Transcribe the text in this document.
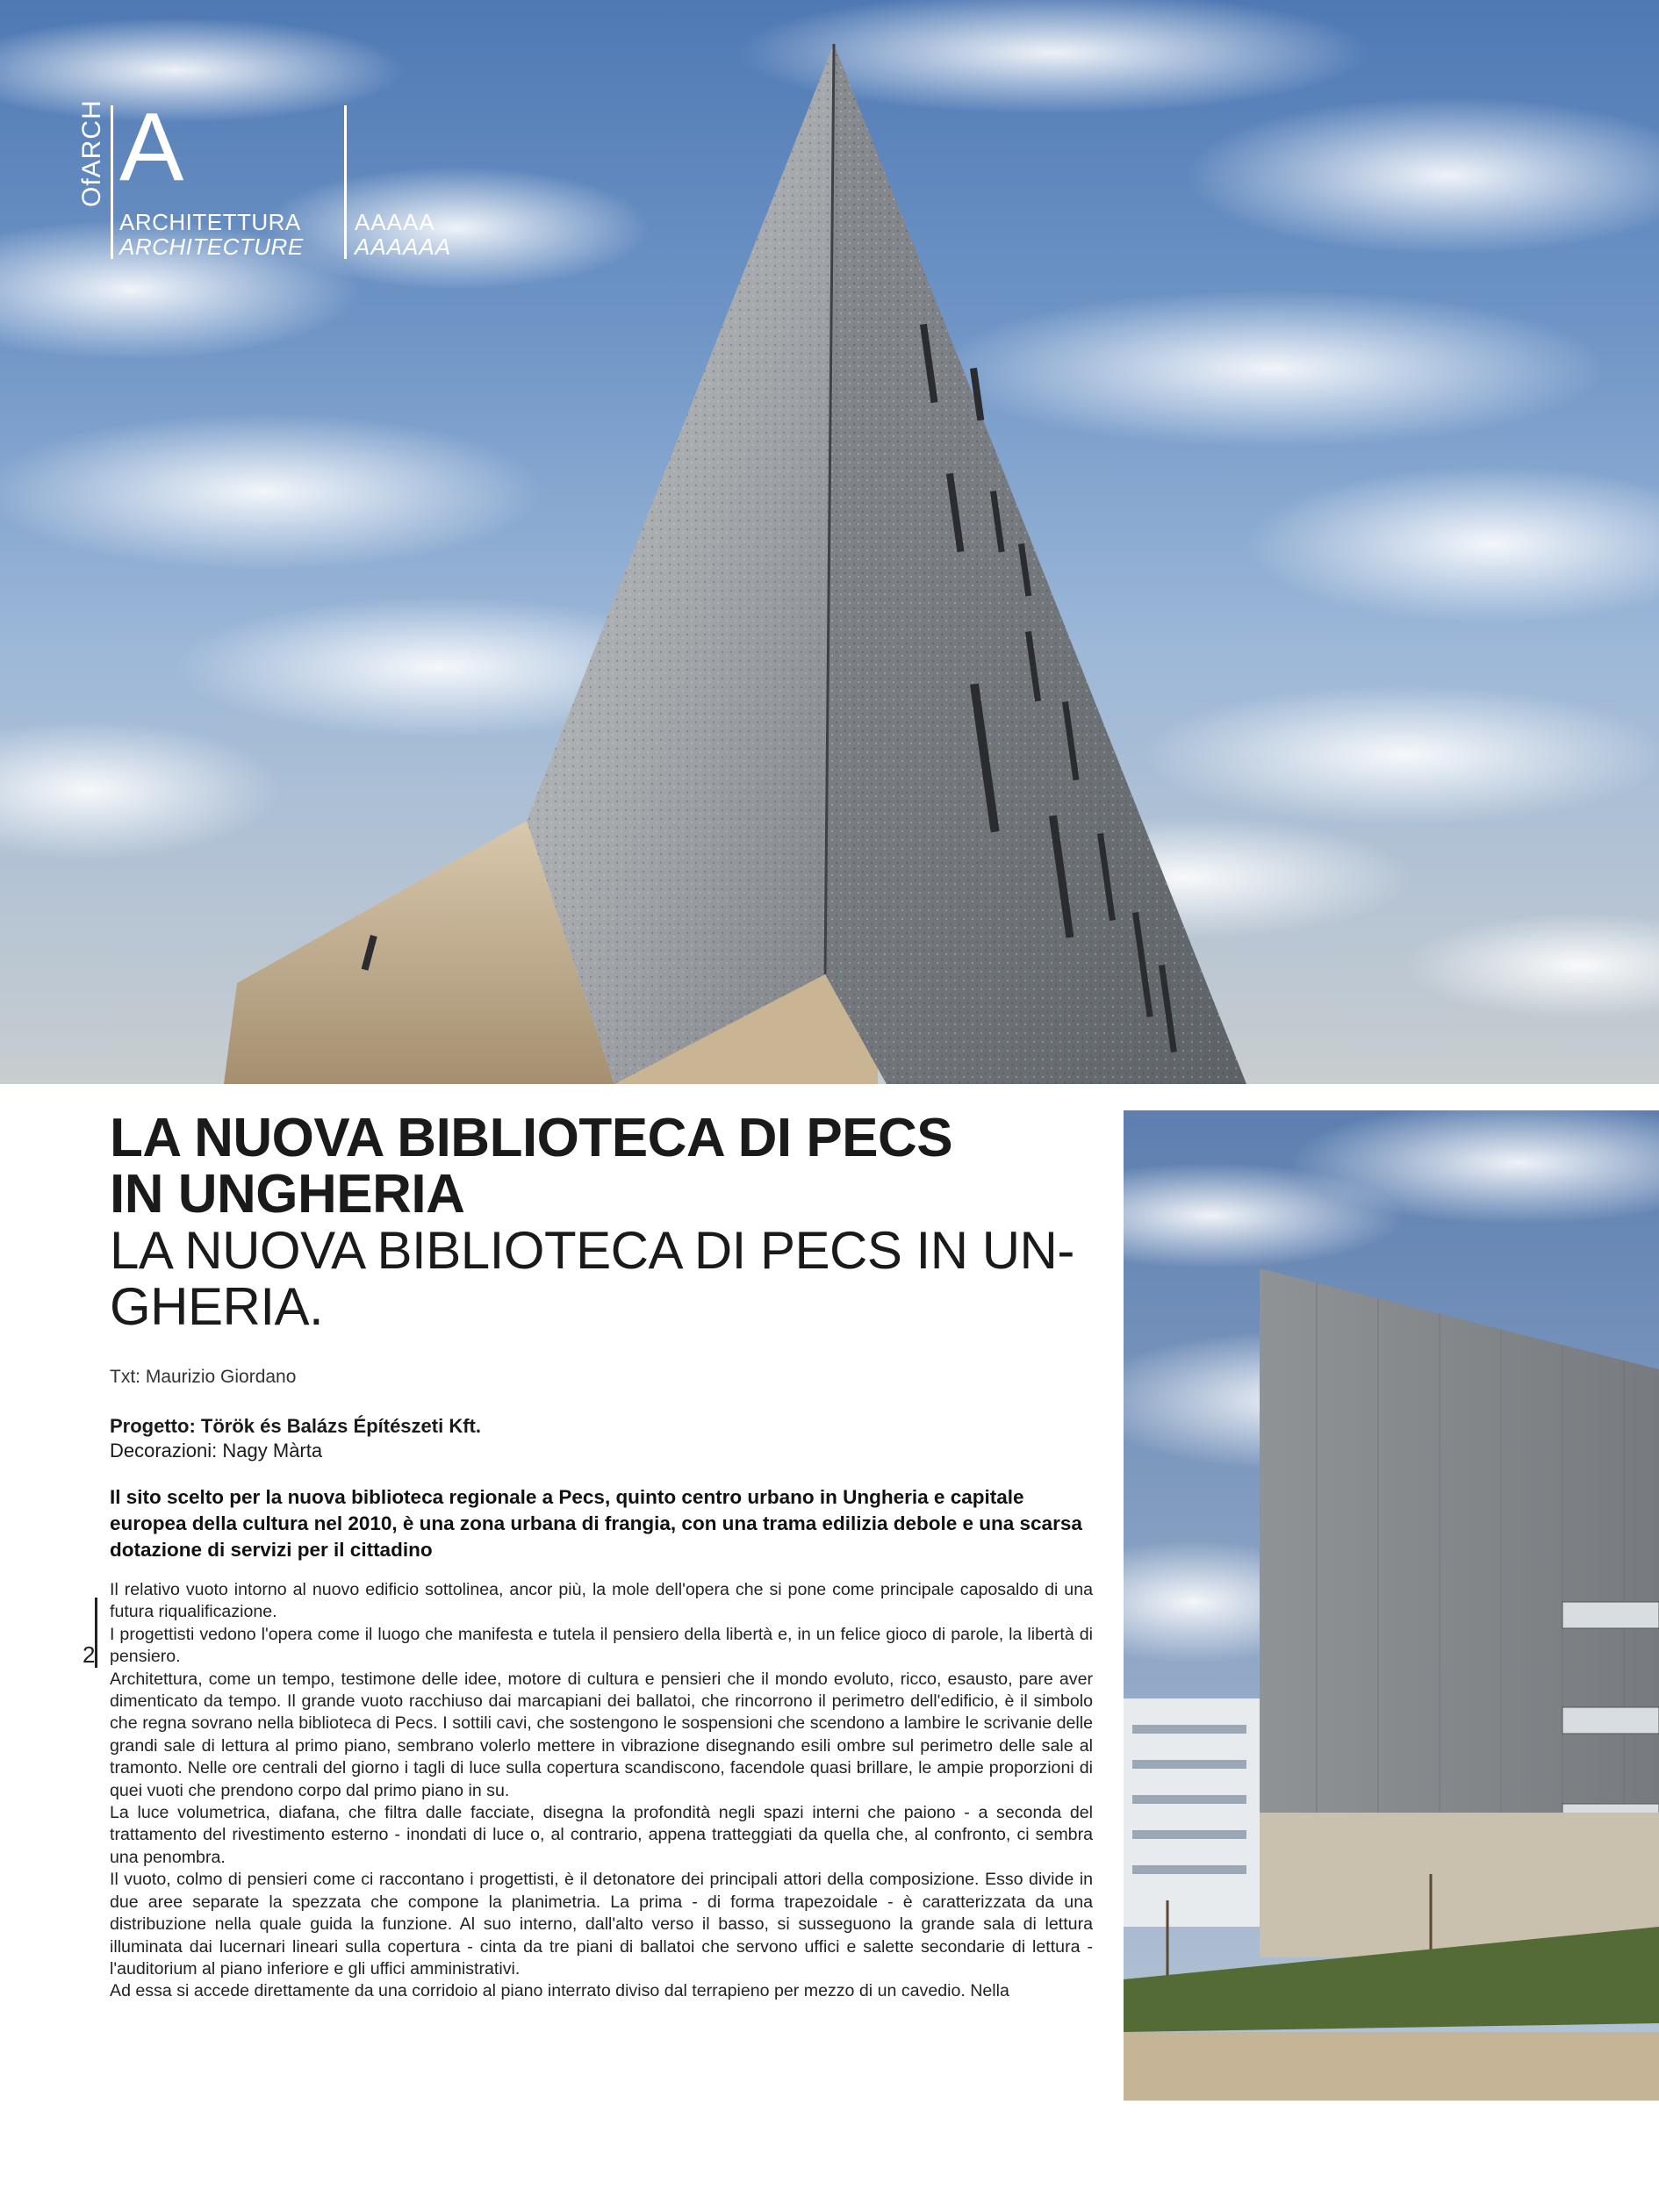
OfARCH A
ARCHITETTURA
ARCHITECTURE
AAAAA
AAAAAA
LA NUOVA BIBLIOTECA DI PECS
IN UNGHERIA
LA NUOVA BIBLIOTECA DI PECS IN UN-
GHERIA.
Txt: Maurizio Giordano
Progetto: Török és Balázs Építészeti Kft.
Decorazioni: Nagy Màrta
Il sito scelto per la nuova biblioteca regionale a Pecs, quinto centro urbano in Ungheria e capitale europea della cultura nel 2010, è una zona urbana di frangia, con una trama edilizia debole e una scarsa dotazione di servizi per il cittadino

Il relativo vuoto intorno al nuovo edificio sottolinea, ancor più, la mole dell'opera che si pone come principale caposaldo di una futura riqualificazione.

I progettisti vedono l'opera come il luogo che manifesta e tutela il pensiero della libertà e, in un felice gioco di parole, la libertà di pensiero.

Architettura, come un tempo, testimone delle idee, motore di cultura e pensieri che il mondo evoluto, ricco, esausto, pare aver dimenticato da tempo. Il grande vuoto racchiuso dai marcapiani dei ballatoi, che rincorrono il perimetro dell'edificio, è il simbolo che regna sovrano nella biblioteca di Pecs. I sottili cavi, che sostengono le sospensioni che scendono a lambire le scrivanie delle grandi sale di lettura al primo piano, sembrano volerlo mettere in vibrazione disegnando esili ombre sul perimetro delle sale al tramonto. Nelle ore centrali del giorno i tagli di luce sulla copertura scandiscono, facendole quasi brillare, le ampie proporzioni di quei vuoti che prendono corpo dal primo piano in su.

La luce volumetrica, diafana, che filtra dalle facciate, disegna la profondità negli spazi interni che paiono - a seconda del trattamento del rivestimento esterno - inondati di luce o, al contrario, appena tratteggiati da quella che, al confronto, ci sembra una penombra.

Il vuoto, colmo di pensieri come ci raccontano i progettisti, è il detonatore dei principali attori della composizione. Esso divide in due aree separate la spezzata che compone la planimetria. La prima - di forma trapezoidale - è caratterizzata da una distribuzione nella quale guida la funzione. Al suo interno, dall'alto verso il basso, si susseguono la grande sala di lettura illuminata dai lucernari lineari sulla copertura - cinta da tre piani di ballatoi che servono uffici e salette secondarie di lettura - l'auditorium al piano inferiore e gli uffici amministrativi.

Ad essa si accede direttamente da una corridoio al piano interrato diviso dal terrapieno per mezzo di un cavedio. Nella

2
